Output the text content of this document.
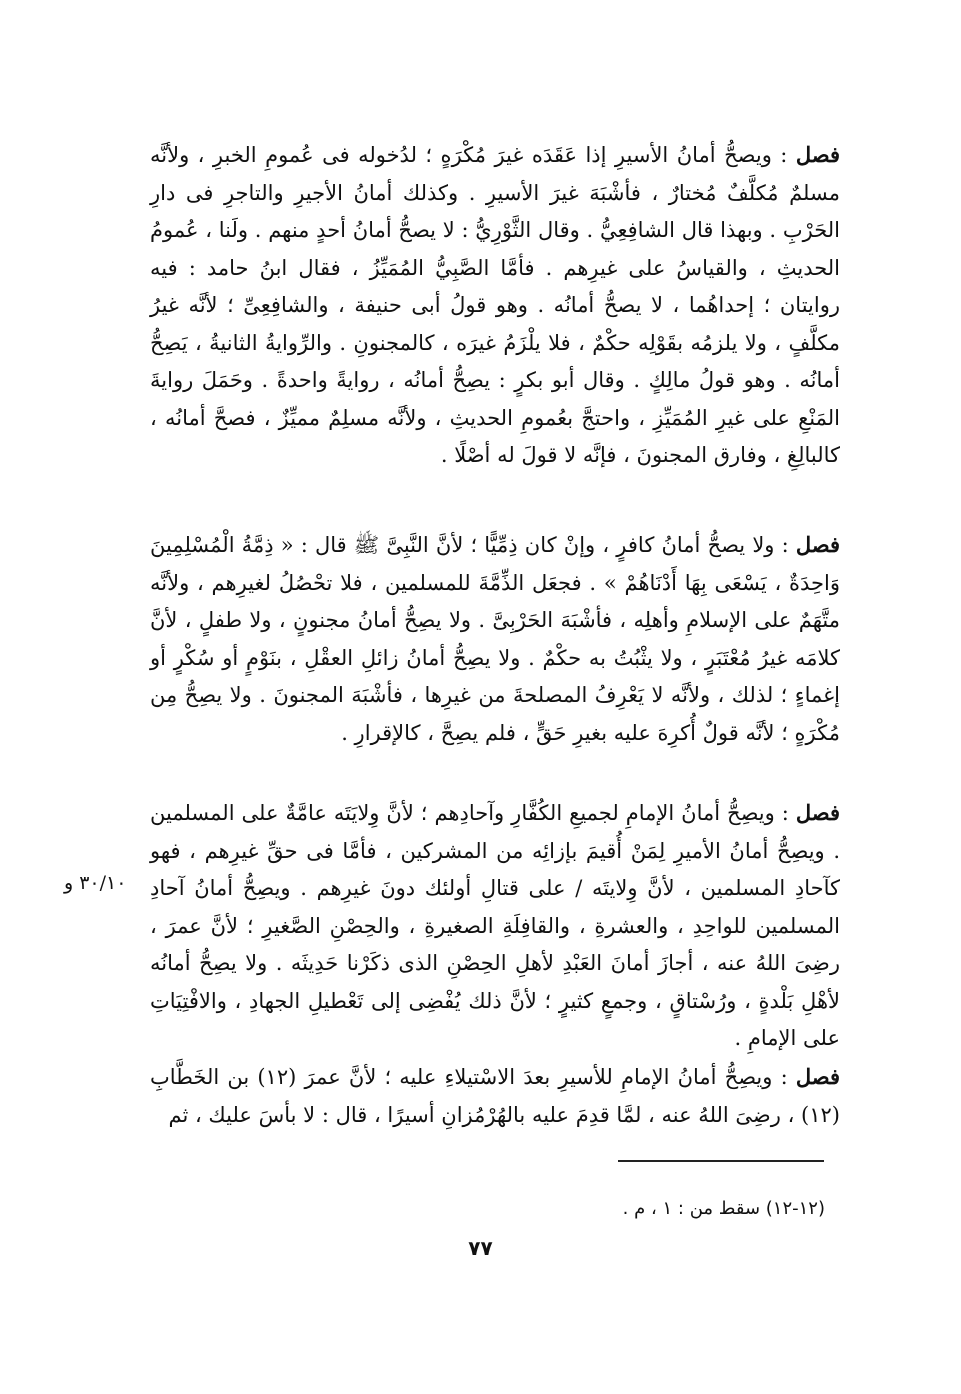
فصل : ويصحُّ أمانُ الأسيرِ إذا عَقَدَه غيرَ مُكْرَهٍ ؛ لدُخوله فى عُمومِ الخبرِ ، ولأنَّه مسلمٌ مُكلَّفٌ مُختارٌ ، فأشْبَهَ غيرَ الأسيرِ . وكذلك أمانُ الأجيرِ والتاجرِ فى دارِ الحَرْبِ . وبهذا قال الشافِعِيُّ . وقال الثَّوْرِيُّ : لا يصحُّ أمانُ أحدٍ منهم . ولَنا ، عُمومُ الحديثِ ، والقياسُ على غيرِهم . فأمَّا الصَّبِيُّ المُمَيِّزُ ، فقال ابنُ حامد : فيه روايتان ؛ إحداهُما ، لا يصحُّ أمانُه . وهو قولُ أبى حنيفة ، والشافِعِىِّ ؛ لأنَّه غيرُ مكلَّفٍ ، ولا يلزمُه بقَوْلِه حكْمٌ ، فلا يلْزَمُ غيرَه ، كالمجنونِ . والرِّوايةُ الثانيةُ ، يَصِحُّ أمانُه . وهو قولُ مالِكٍ . وقال أبو بكرٍ : يصِحُّ أمانُه ، روايةً واحدةً . وحَمَلَ روايةَ المَنْعِ على غيرِ المُمَيِّزِ ، واحتجَّ بعُمومِ الحديثِ ، ولأنَّه مسلِمٌ مميِّزٌ ، فصحَّ أمانُه ، كالبالِغِ ، وفارق المجنونَ ، فإنَّه لا قولَ له أصْلًا .

فصل : ولا يصحُّ أمانُ كافرٍ ، وإنْ كان ذِمِّيًّا ؛ لأنَّ النَّبِىَّ ﷺ قال : « ذِمَّةُ الْمُسْلِمِينَ وَاحِدَةٌ ، يَسْعَى بِهَا أَدْنَاهُمْ » . فجعَل الذِّمَّةَ للمسلمين ، فلا تحْصُلُ لغيرِهم ، ولأنَّه متَّهَمٌ على الإسلامِ وأهلِه ، فأشْبَهَ الحَرْبِىَّ . ولا يصِحُّ أمانُ مجنونٍ ، ولا طفلٍ ، لأنَّ كلامَه غيرُ مُعْتَبَرٍ ، ولا يثْبُتُ به حكْمٌ . ولا يصِحُّ أمانُ زائلِ العقْلِ ، بنَوْمٍ أو سُكْرٍ أو إغماءٍ ؛ لذلك ، ولأنَّه لا يَعْرِفُ المصلحةَ من غيرِها ، فأشْبَهَ المجنونَ . ولا يصِحُّ مِن مُكْرَهٍ ؛ لأنَّه قولٌ أُكرِهَ عليه بغيرِ حَقٍّ ، فلم يصِحَّ ، كالإقرارِ .

فصل : ويصِحُّ أمانُ الإمامِ لجميعِ الكُفَّارِ وآحادِهم ؛ لأنَّ وِلايَتَه عامَّةٌ على المسلمين . ويصِحُّ أمانُ الأميرِ لِمَنْ أُقيمَ بإزائِه من المشركين ، فأمَّا فى حقِّ غيرِهم ، فهو كآحادِ المسلمين ، لأنَّ وِلايتَه / على قتالِ أولئك دونَ غيرِهم . ويصِحُّ أمانُ آحادِ المسلمين للواحِدِ ، والعشرةِ ، والقافِلَةِ الصغيرةِ ، والحِصْنِ الصَّغيرِ ؛ لأنَّ عمرَ ، رضِىَ اللهُ عنه ، أجازَ أمانَ العَبْدِ لأهلِ الحِصْنِ الذى ذكَرْنا حَدِيثَه . ولا يصِحُّ أمانُه لأهْلِ بَلْدةٍ ، ورُسْتاقٍ ، وجمعٍ كثيرٍ ؛ لأنَّ ذلك يُفْضِى إلى تَعْطيلِ الجهادِ ، والافْتِيَاتِ على الإمامِ .

فصل : ويصِحُّ أمانُ الإمامِ للأسيرِ بعدَ الاسْتيلاءِ عليه ؛ لأنَّ عمرَ (١٢) بن الخَطَّابِ (١٢) ، رضِىَ اللهُ عنه ، لمَّا قدِمَ عليه بالهُرْمُزانِ أسيرًا ، قال : لا بأسَ عليك ، ثم

٣٠/١٠ و
(١٢-١٢) سقط من : ١ ، م .
٧٧
